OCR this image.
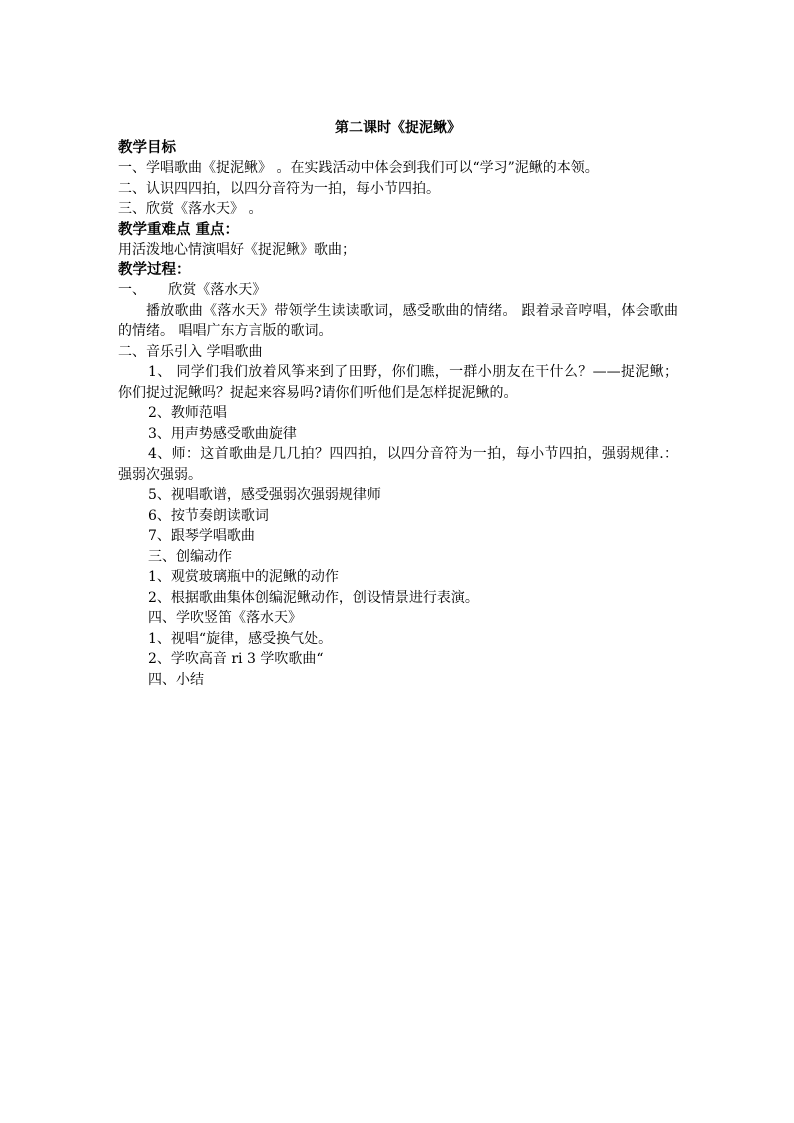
第二课时《捉泥鳅》
教学目标
一、学唱歌曲《捉泥鳅》 。在实践活动中体会到我们可以“学习”泥鳅的本领。
二、认识四四拍，以四分音符为一拍，每小节四拍。
三、欣赏《落水天》 。
教学重难点 重点：
用活泼地心情演唱好《捉泥鳅》歌曲；
教学过程：
一、     欣赏《落水天》
播放歌曲《落水天》带领学生读读歌词，感受歌曲的情绪。 跟着录音哼唱，体会歌曲的情绪。 唱唱广东方言版的歌词。
二、音乐引入 学唱歌曲
1、 同学们我们放着风筝来到了田野，你们瞧，一群小朋友在干什么？——捉泥鳅；你们捉过泥鳅吗？捉起来容易吗?请你们听他们是怎样捉泥鳅的。
2、教师范唱
3、用声势感受歌曲旋律
4、师：这首歌曲是几几拍？四四拍，以四分音符为一拍，每小节四拍，强弱规律.：强弱次强弱。
5、视唱歌谱，感受强弱次强弱规律师
6、按节奏朗读歌词
7、跟琴学唱歌曲
三、创编动作
1、观赏玻璃瓶中的泥鳅的动作
2、根据歌曲集体创编泥鳅动作，创设情景进行表演。
四、学吹竖笛《落水天》
1、视唱“旋律，感受换气处。
2、学吹高音 ri 3 学吹歌曲“
四、小结
